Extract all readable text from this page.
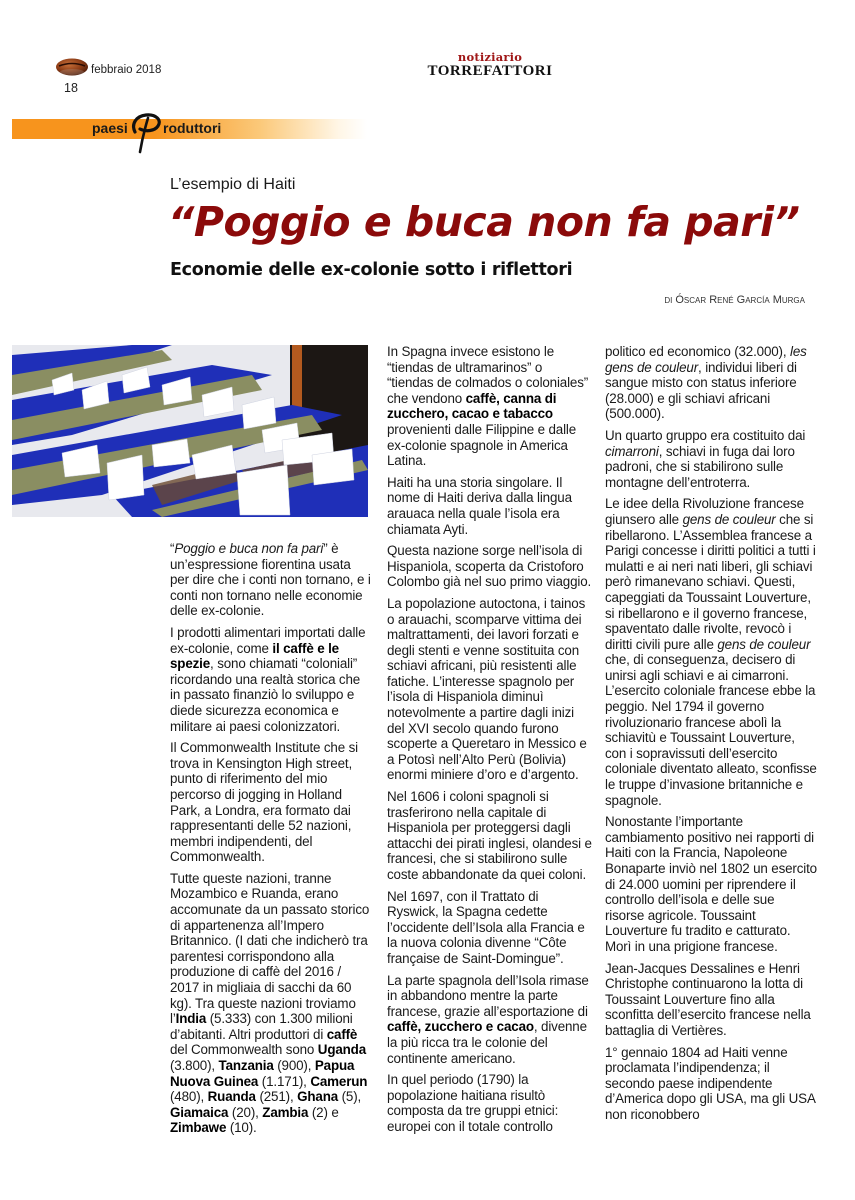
febbraio 2018
18
notiziario
TORREFATTORI
paesi
P
roduttori
L’esempio di Haiti
“Poggio e buca non fa pari”
Economie delle ex-colonie sotto i riflettori
di Óscar René García Murga

“Poggio e buca non fa pari” è un’espressione fiorentina usata per dire che i conti non tornano, e i conti non tornano nelle economie delle ex-colonie.

I prodotti alimentari importati dalle ex-colonie, come il caffè e le spezie, sono chiamati “coloniali” ricordando una realtà storica che in passato finanziò lo sviluppo e diede sicurezza economica e militare ai paesi colonizzatori.

Il Commonwealth Institute che si trova in Kensington High street, punto di riferimento del mio percorso di jogging in Holland Park, a Londra, era formato dai rappresentanti delle 52 nazioni, membri indipendenti, del Commonwealth.

Tutte queste nazioni, tranne Mozambico e Ruanda, erano accomunate da un passato storico di appartenenza all’Impero Britannico. (I dati che indicherò tra parentesi corrispondono alla produzione di caffè del 2016 / 2017 in migliaia di sacchi da 60 kg). Tra queste nazioni troviamo l’India (5.333) con 1.300 milioni d’abitanti. Altri produttori di caffè del Commonwealth sono Uganda (3.800), Tanzania (900), Papua Nuova Guinea (1.171), Camerun (480), Ruanda (251), Ghana (5), Giamaica (20), Zambia (2) e Zimbawe (10).

In Spagna invece esistono le “tiendas de ultramarinos” o “tiendas de colmados o coloniales” che vendono caffè, canna di zucchero, cacao e tabacco provenienti dalle Filippine e dalle ex-colonie spagnole in America Latina.

Haiti ha una storia singolare. Il nome di Haiti deriva dalla lingua arauaca nella quale l’isola era chiamata Ayti.

Questa nazione sorge nell’isola di Hispaniola, scoperta da Cristoforo Colombo già nel suo primo viaggio.

La popolazione autoctona, i tainos o arauachi, scomparve vittima dei maltrattamenti, dei lavori forzati e degli stenti e venne sostituita con schiavi africani, più resistenti alle fatiche. L’interesse spagnolo per l’isola di Hispaniola diminuì notevolmente a partire dagli inizi del XVI secolo quando furono scoperte a Queretaro in Messico e a Potosì nell’Alto Perù (Bolivia) enormi miniere d’oro e d’argento.

Nel 1606 i coloni spagnoli si trasferirono nella capitale di Hispaniola per proteggersi dagli attacchi dei pirati inglesi, olandesi e francesi, che si stabilirono sulle coste abbandonate da quei coloni.

Nel 1697, con il Trattato di Ryswick, la Spagna cedette l’occidente dell’Isola alla Francia e la nuova colonia divenne “Côte française de Saint-Domingue”.

La parte spagnola dell’Isola rimase in abbandono mentre la parte francese, grazie all’esportazione di caffè, zucchero e cacao, divenne la più ricca tra le colonie del continente americano.

In quel periodo (1790) la popolazione haitiana risultò composta da tre gruppi etnici: europei con il totale controllo

politico ed economico (32.000), les gens de couleur, individui liberi di sangue misto con status inferiore (28.000) e gli schiavi africani (500.000).

Un quarto gruppo era costituito dai cimarroni, schiavi in fuga dai loro padroni, che si stabilirono sulle montagne dell’entroterra.

Le idee della Rivoluzione francese giunsero alle gens de couleur che si ribellarono. L’Assemblea francese a Parigi concesse i diritti politici a tutti i mulatti e ai neri nati liberi, gli schiavi però rimanevano schiavi. Questi, capeggiati da Toussaint Louverture, si ribellarono e il governo francese, spaventato dalle rivolte, revocò i diritti civili pure alle gens de couleur che, di conseguenza, decisero di unirsi agli schiavi e ai cimarroni. L’esercito coloniale francese ebbe la peggio. Nel 1794 il governo rivoluzionario francese abolì la schiavitù e Toussaint Louverture, con i sopravissuti dell’esercito coloniale diventato alleato, sconfisse le truppe d’invasione britanniche e spagnole.

Nonostante l’importante cambiamento positivo nei rapporti di Haiti con la Francia, Napoleone Bonaparte inviò nel 1802 un esercito di 24.000 uomini per riprendere il controllo dell’isola e delle sue risorse agricole. Toussaint Louverture fu tradito e catturato. Morì in una prigione francese.

Jean-Jacques Dessalines e Henri Christophe continuarono la lotta di Toussaint Louverture fino alla sconfitta dell’esercito francese nella battaglia di Vertières.

1° gennaio 1804 ad Haiti venne proclamata l’indipendenza; il secondo paese indipendente d’America dopo gli USA, ma gli USA non riconobbero
